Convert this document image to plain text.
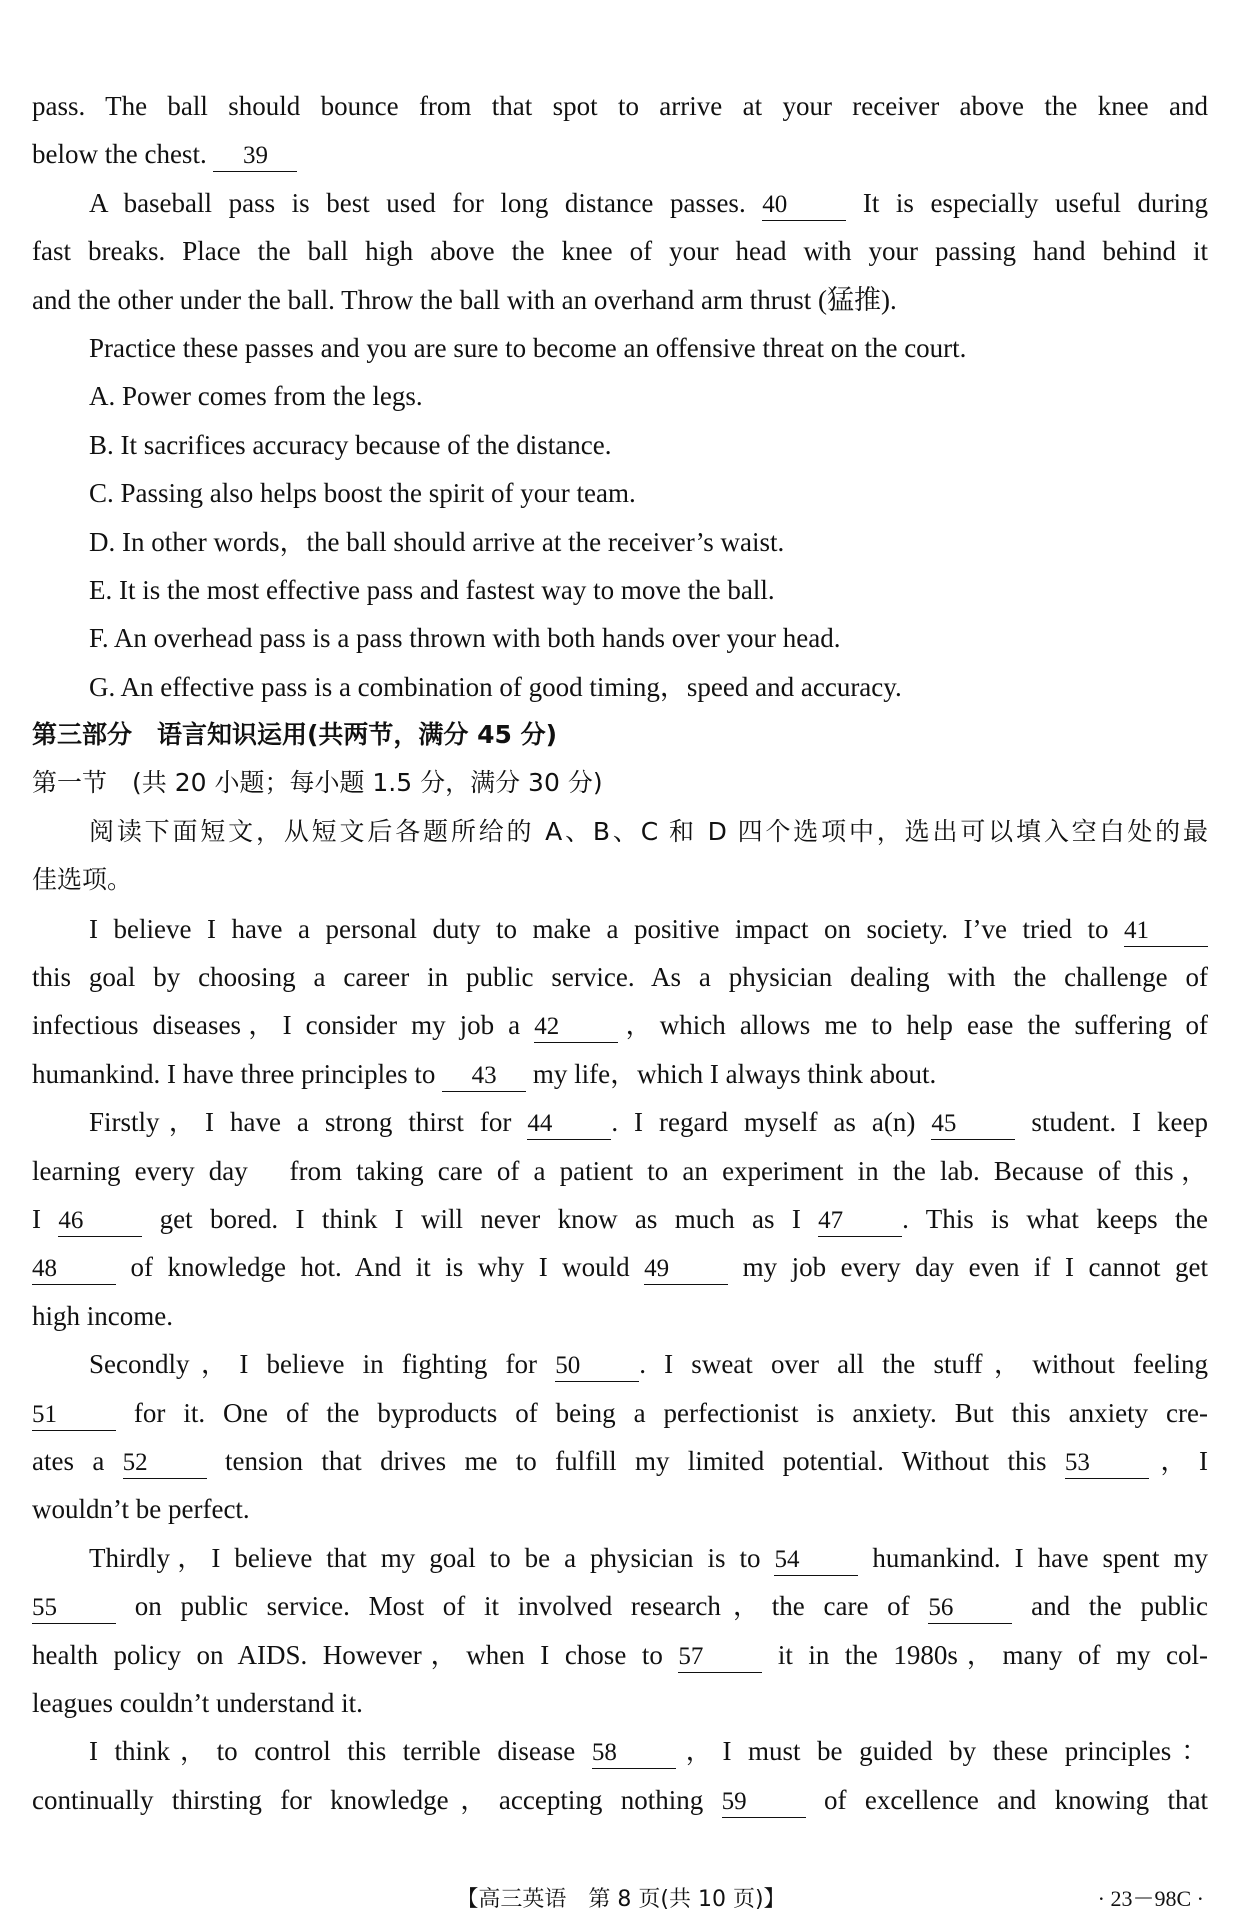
pass. The ball should bounce from that spot to arrive at your receiver above the knee and
below the chest. 39
A baseball pass is best used for long distance passes. 40 It is especially useful during
fast breaks. Place the ball high above the knee of your head with your passing hand behind it
and the other under the ball. Throw the ball with an overhand arm thrust (猛推).
Practice these passes and you are sure to become an offensive threat on the court.
A. Power comes from the legs.
B. It sacrifices accuracy because of the distance.
C. Passing also helps boost the spirit of your team.
D. In other words，the ball should arrive at the receiver’s waist.
E. It is the most effective pass and fastest way to move the ball.
F. An overhead pass is a pass thrown with both hands over your head.
G. An effective pass is a combination of good timing，speed and accuracy.
第三部分　语言知识运用(共两节，满分 45 分)
第一节　(共 20 小题；每小题 1.5 分，满分 30 分)
阅读下面短文，从短文后各题所给的 A、B、C 和 D 四个选项中，选出可以填入空白处的最
佳选项。
I believe I have a personal duty to make a positive impact on society. I’ve tried to 41
this goal by choosing a career in public service. As a physician dealing with the challenge of
infectious diseases，I consider my job a 42 ，which allows me to help ease the suffering of
humankind. I have three principles to 43 my life，which I always think about.
Firstly，I have a strong thirst for 44 . I regard myself as a(n) 45 student. I keep
learning every day　from taking care of a patient to an experiment in the lab. Because of this，
I 46 get bored. I think I will never know as much as I 47 . This is what keeps the
48 of knowledge hot. And it is why I would 49 my job every day even if I cannot get
high income.
Secondly，I believe in fighting for 50 . I sweat over all the stuff，without feeling
51 for it. One of the byproducts of being a perfectionist is anxiety. But this anxiety cre-
ates a 52 tension that drives me to fulfill my limited potential. Without this 53 ，I
wouldn’t be perfect.
Thirdly，I believe that my goal to be a physician is to 54 humankind. I have spent my
55 on public service. Most of it involved research，the care of 56 and the public
health policy on AIDS. However，when I chose to 57 it in the 1980s，many of my col-
leagues couldn’t understand it.
I think，to control this terrible disease 58 ，I must be guided by these principles：
continually thirsting for knowledge，accepting nothing 59 of excellence and knowing that
【高三英语　第 8 页(共 10 页)】	· 23－98C ·
